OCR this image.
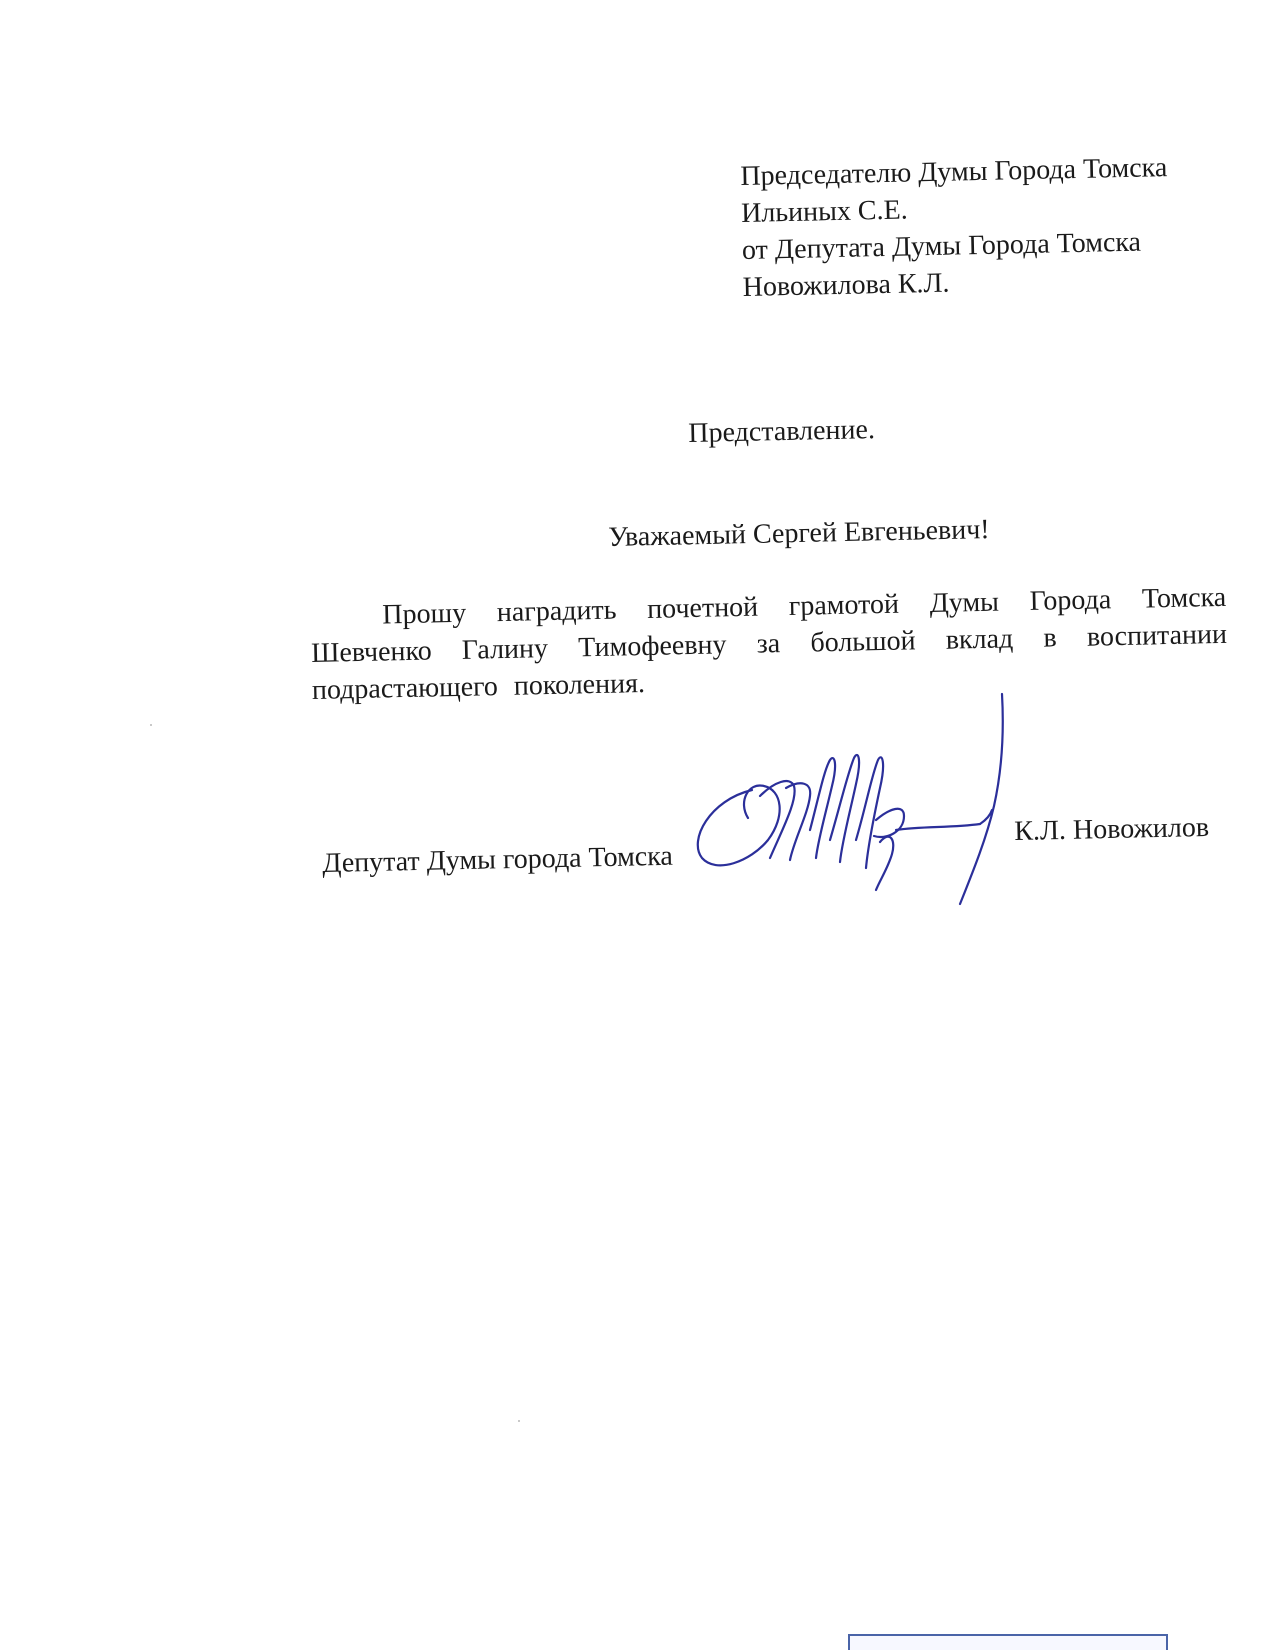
Председателю Думы Города Томска
Ильиных С.Е.
от Депутата Думы Города Томска
Новожилова К.Л.
Представление.
Уважаемый Сергей Евгеньевич!
Прошу наградить почетной грамотой Думы Города Томска Шевченко Галину Тимофеевну за большой вклад в воспитании подрастающего поколения.
Депутат Думы города Томска
К.Л. Новожилов
